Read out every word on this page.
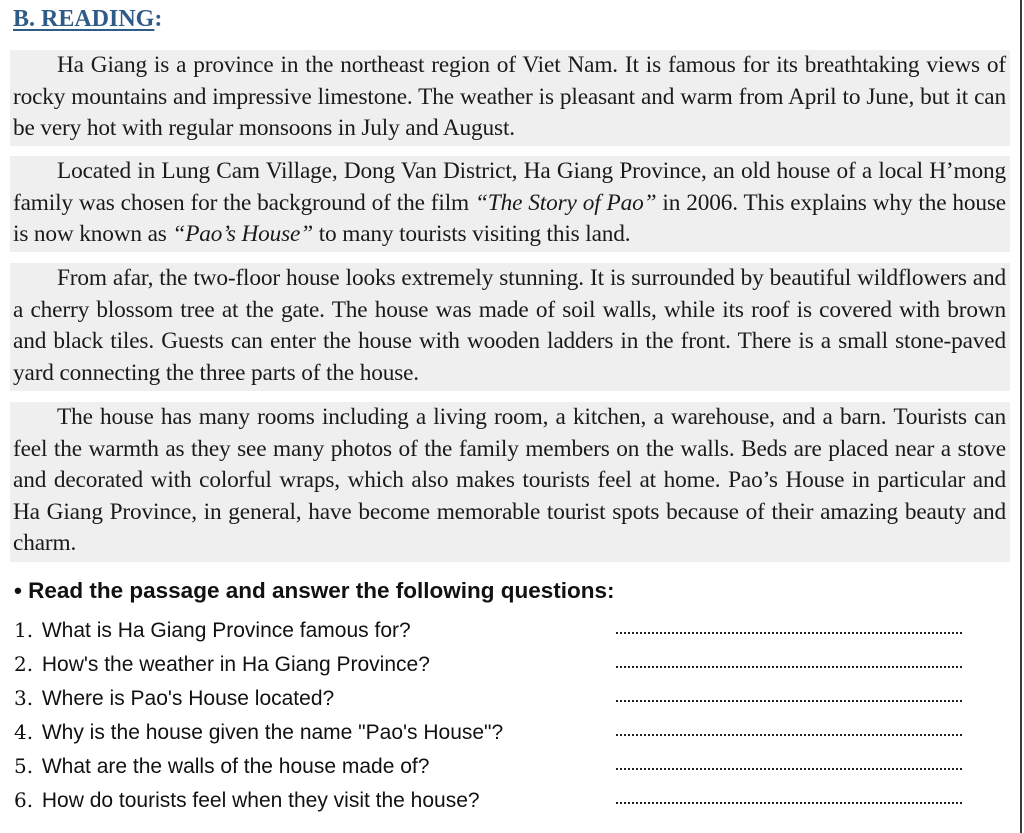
B. READING:
Ha Giang is a province in the northeast region of Viet Nam. It is famous for its breathtaking views of rocky mountains and impressive limestone. The weather is pleasant and warm from April to June, but it can be very hot with regular monsoons in July and August.
Located in Lung Cam Village, Dong Van District, Ha Giang Province, an old house of a local H’mong family was chosen for the background of the film “The Story of Pao” in 2006. This explains why the house is now known as “Pao’s House” to many tourists visiting this land.
From afar, the two-floor house looks extremely stunning. It is surrounded by beautiful wildflowers and a cherry blossom tree at the gate. The house was made of soil walls, while its roof is covered with brown and black tiles. Guests can enter the house with wooden ladders in the front. There is a small stone-paved yard connecting the three parts of the house.
The house has many rooms including a living room, a kitchen, a warehouse, and a barn. Tourists can feel the warmth as they see many photos of the family members on the walls. Beds are placed near a stove and decorated with colorful wraps, which also makes tourists feel at home. Pao’s House in particular and Ha Giang Province, in general, have become memorable tourist spots because of their amazing beauty and charm.
• Read the passage and answer the following questions:
1. What is Ha Giang Province famous for?
2. How's the weather in Ha Giang Province?
3. Where is Pao's House located?
4. Why is the house given the name "Pao's House"?
5. What are the walls of the house made of?
6. How do tourists feel when they visit the house?
